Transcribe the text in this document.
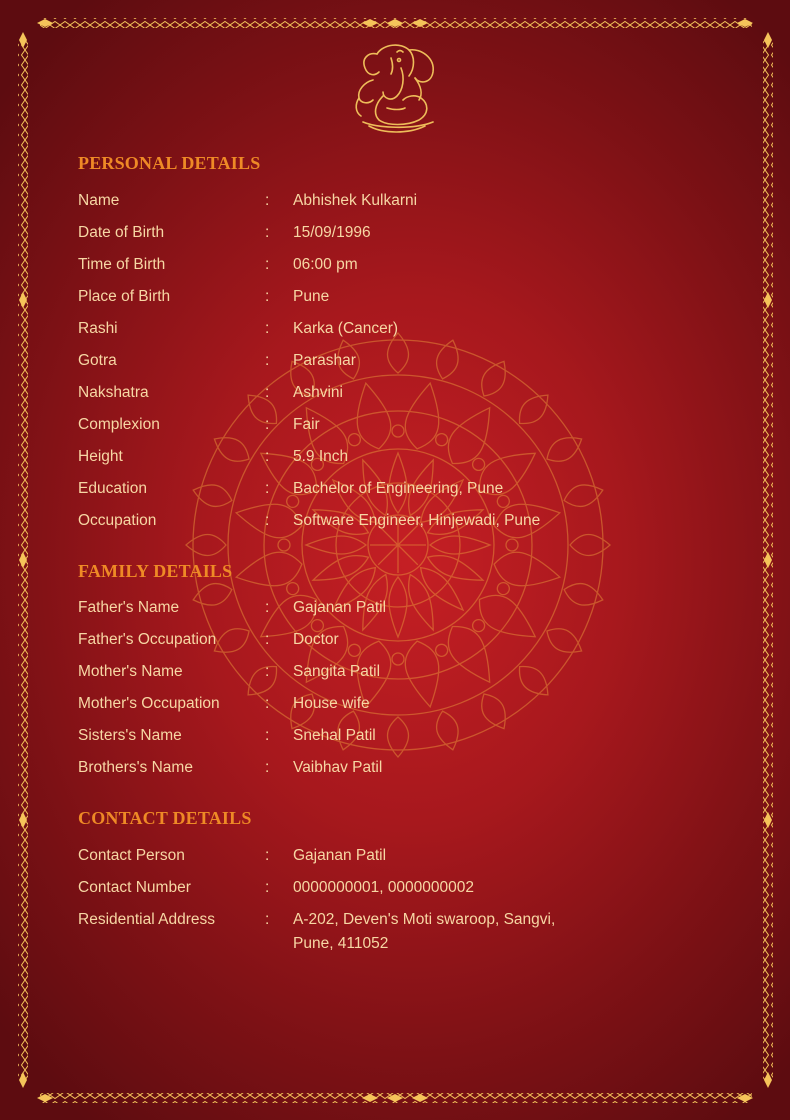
PERSONAL DETAILS
Name	: Abhishek Kulkarni
Date of Birth	: 15/09/1996
Time of Birth	: 06:00 pm
Place of Birth	: Pune
Rashi	: Karka (Cancer)
Gotra	: Parashar
Nakshatra	: Ashvini
Complexion	: Fair
Height	: 5.9 Inch
Education	: Bachelor of Engineering, Pune
Occupation	: Software Engineer, Hinjewadi, Pune
FAMILY DETAILS
Father's Name	: Gajanan Patil
Father's Occupation	: Doctor
Mother's Name	: Sangita Patil
Mother's Occupation	: House wife
Sisters's Name	: Snehal Patil
Brothers's Name	: Vaibhav Patil
CONTACT DETAILS
Contact Person	: Gajanan Patil
Contact Number	: 0000000001, 0000000002
Residential Address	: A-202, Deven's Moti swaroop, Sangvi,
Pune, 411052
